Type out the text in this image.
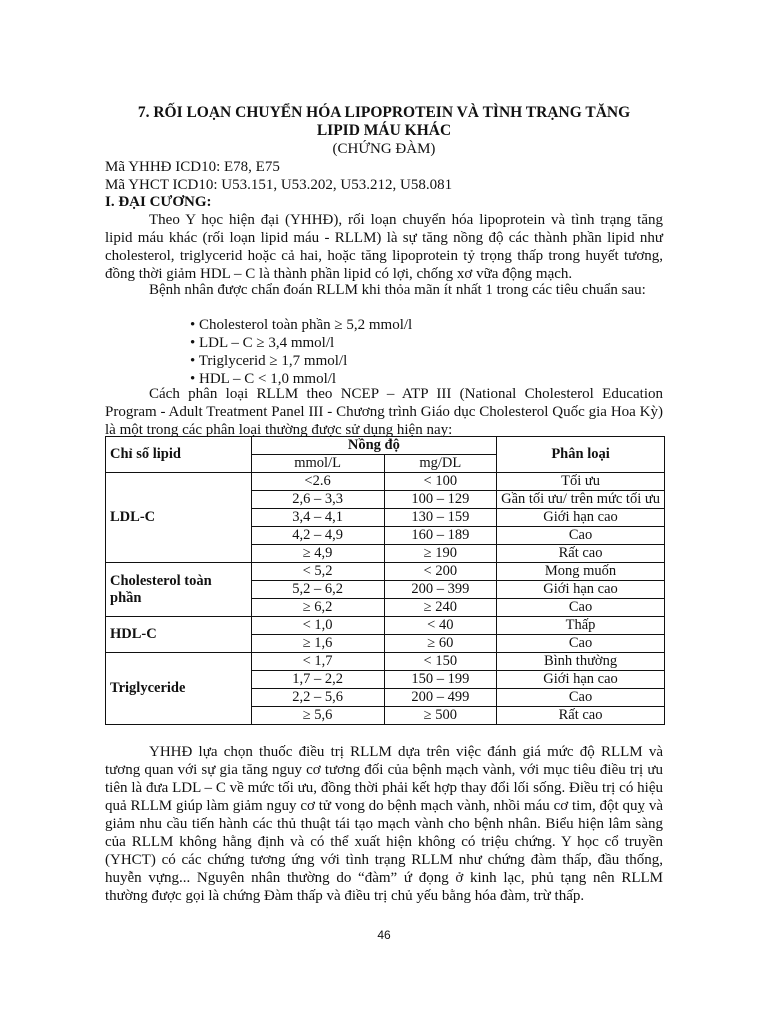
7. RỐI LOẠN CHUYỂN HÓA LIPOPROTEIN VÀ TÌNH TRẠNG TĂNG
LIPID MÁU KHÁC
(CHỨNG ĐÀM)
Mã YHHĐ ICD10: E78, E75
Mã YHCT ICD10: U53.151, U53.202, U53.212, U58.081
I. ĐẠI CƯƠNG:
Theo Y học hiện đại (YHHĐ), rối loạn chuyển hóa lipoprotein và tình trạng tăng lipid máu khác (rối loạn lipid máu - RLLM) là sự tăng nồng độ các thành phần lipid như cholesterol, triglycerid hoặc cả hai, hoặc tăng lipoprotein tỷ trọng thấp trong huyết tương, đồng thời giảm HDL – C là thành phần lipid có lợi, chống xơ vữa động mạch.
Bệnh nhân được chẩn đoán RLLM khi thỏa mãn ít nhất 1 trong các tiêu chuẩn sau:
• Cholesterol toàn phần ≥ 5,2 mmol/l
• LDL – C ≥ 3,4 mmol/l
• Triglycerid ≥ 1,7 mmol/l
• HDL – C < 1,0 mmol/l
Cách phân loại RLLM theo NCEP – ATP III (National Cholesterol Education Program - Adult Treatment Panel III - Chương trình Giáo dục Cholesterol Quốc gia Hoa Kỳ) là một trong các phân loại thường được sử dụng hiện nay:
Chỉ số lipid	Nồng độ		Phân loại
	mmol/L	mg/DL	
LDL-C	<2.6	< 100	Tối ưu
	2,6 – 3,3	100 – 129	Gần tối ưu/ trên mức tối ưu
	3,4 – 4,1	130 – 159	Giới hạn cao
	4,2 – 4,9	160 – 189	Cao
	≥ 4,9	≥ 190	Rất cao
Cholesterol toàn phần	< 5,2	< 200	Mong muốn
	5,2 – 6,2	200 – 399	Giới hạn cao
	≥ 6,2	≥ 240	Cao
HDL-C	< 1,0	< 40	Thấp
	≥ 1,6	≥ 60	Cao
Triglyceride	< 1,7	< 150	Bình thường
	1,7 – 2,2	150 – 199	Giới hạn cao
	2,2 – 5,6	200 – 499	Cao
	≥ 5,6	≥ 500	Rất cao
YHHĐ lựa chọn thuốc điều trị RLLM dựa trên việc đánh giá mức độ RLLM và tương quan với sự gia tăng nguy cơ tương đối của bệnh mạch vành, với mục tiêu điều trị ưu tiên là đưa LDL – C về mức tối ưu, đồng thời phải kết hợp thay đổi lối sống. Điều trị có hiệu quả RLLM giúp làm giảm nguy cơ tử vong do bệnh mạch vành, nhồi máu cơ tim, đột quỵ và giảm nhu cầu tiến hành các thủ thuật tái tạo mạch vành cho bệnh nhân. Biểu hiện lâm sàng của RLLM không hằng định và có thể xuất hiện không có triệu chứng. Y học cổ truyền (YHCT) có các chứng tương ứng với tình trạng RLLM như chứng đàm thấp, đầu thống, huyễn vựng... Nguyên nhân thường do “đàm” ứ đọng ở kinh lạc, phủ tạng nên RLLM thường được gọi là chứng Đàm thấp và điều trị chủ yếu bằng hóa đàm, trừ thấp.
46
